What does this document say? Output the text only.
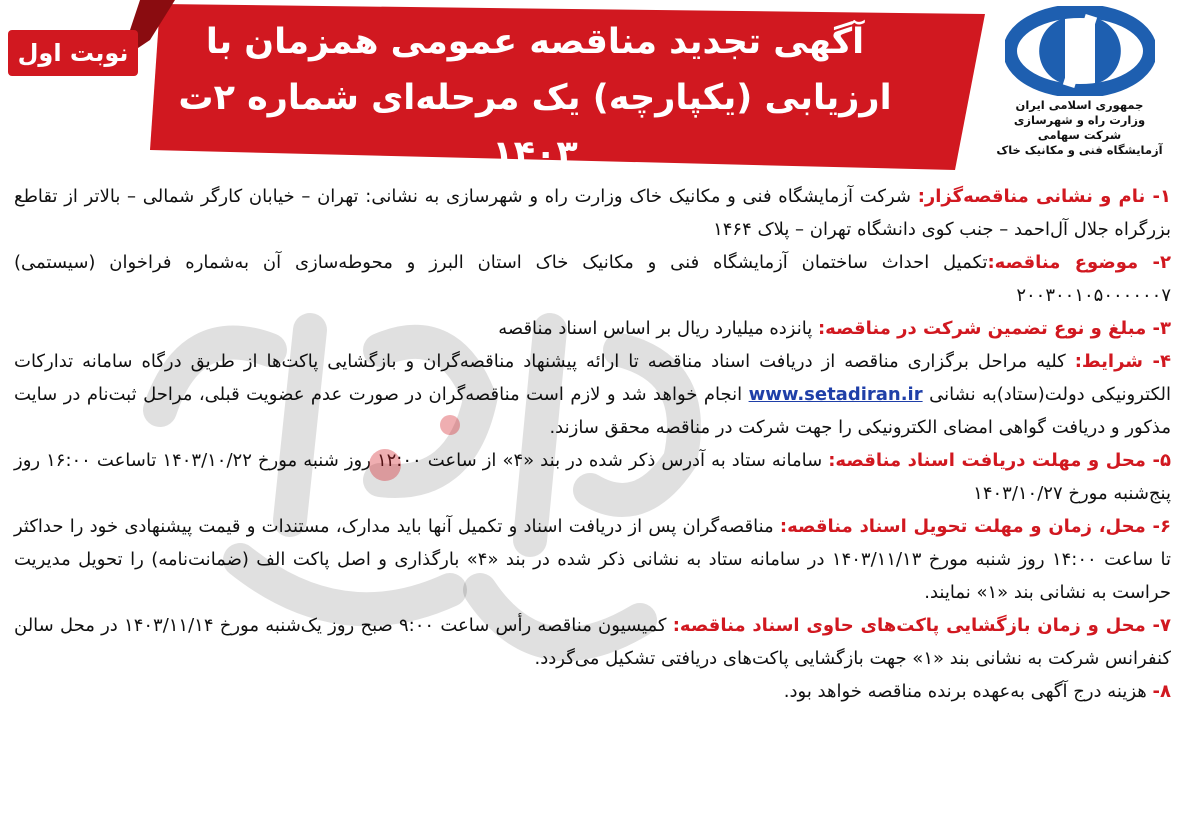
نوبت اول	آگهی تجدید مناقصه عمومی همزمان با
ارزیابی (یکپارچه) یک مرحله‌ای شماره ۲ت ۱۴۰۳
جمهوری اسلامی ایران
وزارت راه و شهرسازی
شرکت سهامی
آزمایشگاه فنی و مکانیک خاک

۱- نام و نشانی مناقصه‌گزار: شرکت آزمایشگاه فنی و مکانیک خاک وزارت راه و شهرسازی به نشانی: تهران – خیابان کارگر شمالی – بالاتر از تقاطع بزرگراه جلال آل‌احمد – جنب کوی دانشگاه تهران – پلاک ۱۴۶۴

۲- موضوع مناقصه:تکمیل احداث ساختمان آزمایشگاه فنی و مکانیک خاک استان البرز و محوطه‌سازی آن به‌شماره فراخوان (سیستمی) ۲۰۰۳۰۰۱۰۵۰۰۰۰۰۰۷

۳- مبلغ و نوع تضمین شرکت در مناقصه: پانزده میلیارد ریال بر اساس اسناد مناقصه

۴- شرایط: کلیه مراحل برگزاری مناقصه از دریافت اسناد مناقصه تا ارائه پیشنهاد مناقصه‌گران و بازگشایی پاکت‌ها از طریق درگاه سامانه تدارکات الکترونیکی دولت(ستاد)به نشانی www.setadiran.ir انجام خواهد شد و لازم است مناقصه‌گران در صورت عدم عضویت قبلی، مراحل ثبت‌نام در سایت مذکور و دریافت گواهی امضای الکترونیکی را جهت شرکت در مناقصه محقق سازند.

۵- محل و مهلت دریافت اسناد مناقصه: سامانه ستاد به آدرس ذکر شده در بند «۴» از ساعت ۱۲:۰۰ روز شنبه مورخ ۱۴۰۳/۱۰/۲۲ تاساعت ۱۶:۰۰ روز پنج‌شنبه مورخ ۱۴۰۳/۱۰/۲۷

۶- محل، زمان و مهلت تحویل اسناد مناقصه: مناقصه‌گران پس از دریافت اسناد و تکمیل آنها باید مدارک، مستندات و قیمت پیشنهادی خود را حداکثر تا ساعت ۱۴:۰۰ روز شنبه مورخ ۱۴۰۳/۱۱/۱۳ در سامانه ستاد به نشانی ذکر شده در بند «۴» بارگذاری و اصل پاکت الف (ضمانت‌نامه) را تحویل مدیریت حراست به نشانی بند «۱» نمایند.

۷- محل و زمان بازگشایی پاکت‌های حاوی اسناد مناقصه: کمیسیون مناقصه رأس ساعت ۹:۰۰ صبح روز یک‌شنبه مورخ ۱۴۰۳/۱۱/۱۴ در محل سالن کنفرانس شرکت به نشانی بند «۱» جهت بازگشایی پاکت‌های دریافتی تشکیل می‌گردد.

۸- هزینه درج آگهی به‌عهده برنده مناقصه خواهد بود.
